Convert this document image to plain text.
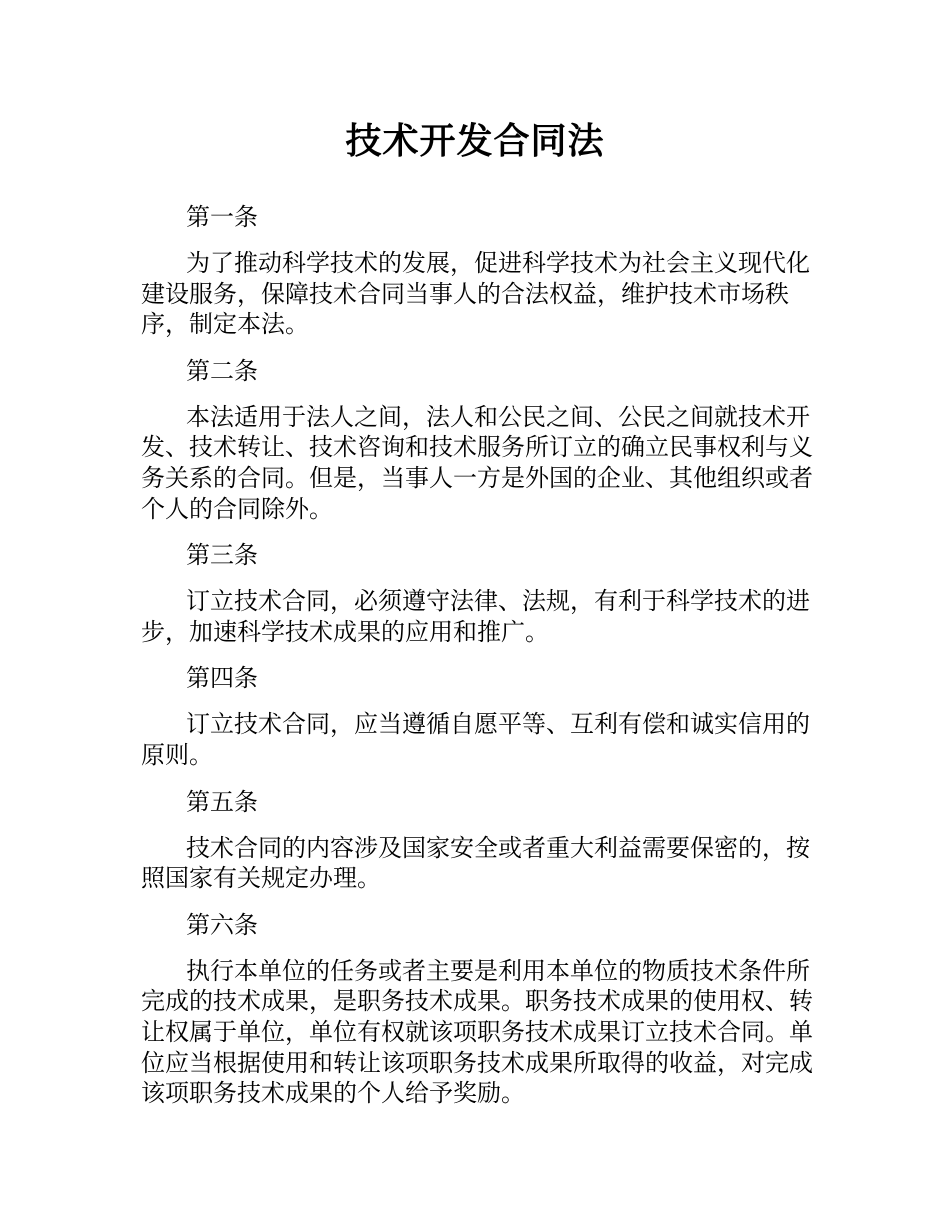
技术开发合同法

第一条

为了推动科学技术的发展，促进科学技术为社会主义现代化建设服务，保障技术合同当事人的合法权益，维护技术市场秩序，制定本法。

第二条

本法适用于法人之间，法人和公民之间、公民之间就技术开发、技术转让、技术咨询和技术服务所订立的确立民事权利与义务关系的合同。但是，当事人一方是外国的企业、其他组织或者个人的合同除外。

第三条

订立技术合同，必须遵守法律、法规，有利于科学技术的进步，加速科学技术成果的应用和推广。

第四条

订立技术合同，应当遵循自愿平等、互利有偿和诚实信用的原则。

第五条

技术合同的内容涉及国家安全或者重大利益需要保密的，按照国家有关规定办理。

第六条

执行本单位的任务或者主要是利用本单位的物质技术条件所完成的技术成果，是职务技术成果。职务技术成果的使用权、转让权属于单位，单位有权就该项职务技术成果订立技术合同。单位应当根据使用和转让该项职务技术成果所取得的收益，对完成该项职务技术成果的个人给予奖励。
